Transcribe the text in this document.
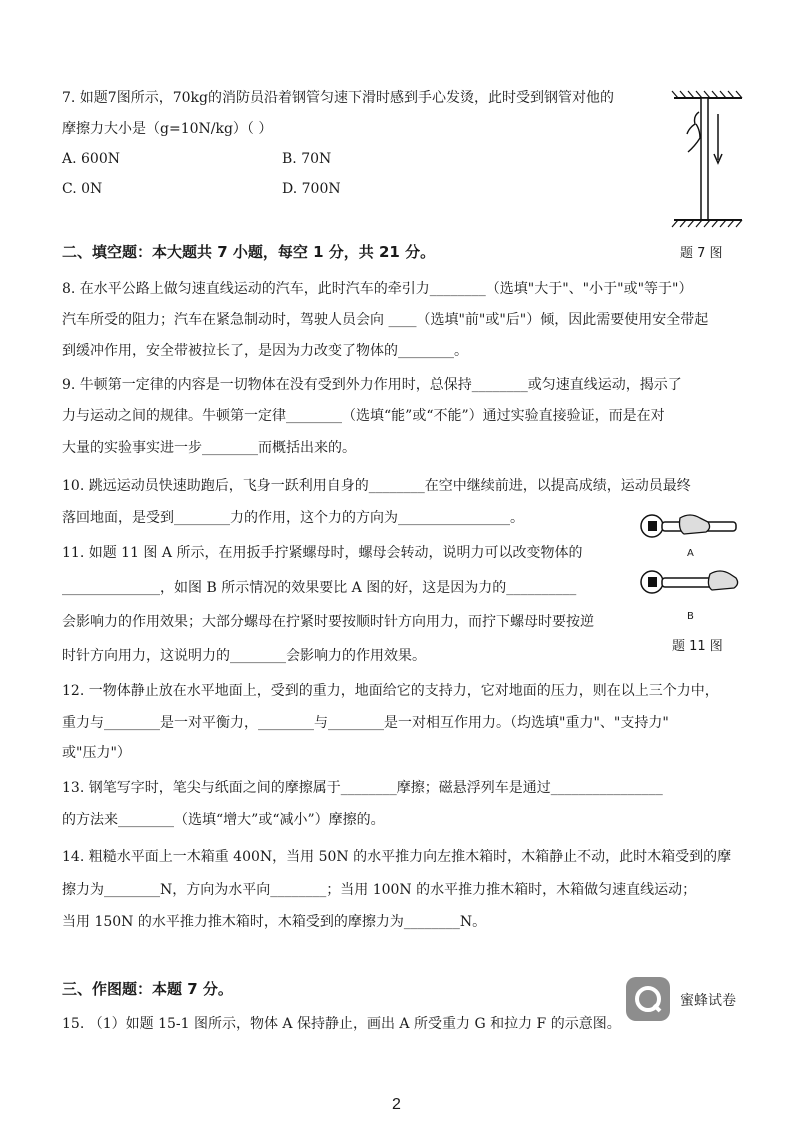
7. 如题7图所示，70kg的消防员沿着钢管匀速下滑时感到手心发烫，此时受到钢管对他的
摩擦力大小是（g=10N/kg）（ ）
A. 600N	B. 70N
C. 0N	D. 700N
题 7 图
二、填空题：本大题共 7 小题，每空 1 分，共 21 分。
8. 在水平公路上做匀速直线运动的汽车，此时汽车的牵引力________（选填"大于"、"小于"或"等于"）
汽车所受的阻力；汽车在紧急制动时，驾驶人员会向 ____（选填"前"或"后"）倾，因此需要使用安全带起
到缓冲作用，安全带被拉长了，是因为力改变了物体的________。
9. 牛顿第一定律的内容是一切物体在没有受到外力作用时，总保持________或匀速直线运动，揭示了
力与运动之间的规律。牛顿第一定律________（选填“能”或“不能”）通过实验直接验证，而是在对
大量的实验事实进一步________而概括出来的。
10. 跳远运动员快速助跑后，飞身一跃利用自身的________在空中继续前进，以提高成绩，运动员最终
落回地面，是受到________力的作用，这个力的方向为________________。
11. 如题 11 图 A 所示，在用扳手拧紧螺母时，螺母会转动，说明力可以改变物体的
______________，如图 B 所示情况的效果要比 A 图的好，这是因为力的__________
会影响力的作用效果；大部分螺母在拧紧时要按顺时针方向用力，而拧下螺母时要按逆
时针方向用力，这说明力的________会影响力的作用效果。
A
B
题 11 图
12. 一物体静止放在水平地面上，受到的重力，地面给它的支持力，它对地面的压力，则在以上三个力中，
重力与________是一对平衡力，________与________是一对相互作用力。（均选填"重力"、"支持力"
或"压力"）
13. 钢笔写字时，笔尖与纸面之间的摩擦属于________摩擦；磁悬浮列车是通过________________
的方法来________（选填“增大”或“减小”）摩擦的。
14. 粗糙水平面上一木箱重 400N，当用 50N 的水平推力向左推木箱时，木箱静止不动，此时木箱受到的摩
擦力为________N，方向为水平向________；当用 100N 的水平推力推木箱时，木箱做匀速直线运动；
当用 150N 的水平推力推木箱时，木箱受到的摩擦力为________N。
三、作图题：本题 7 分。
15. （1）如题 15-1 图所示，物体 A 保持静止，画出 A 所受重力 G 和拉力 F 的示意图。
蜜蜂试卷
2
